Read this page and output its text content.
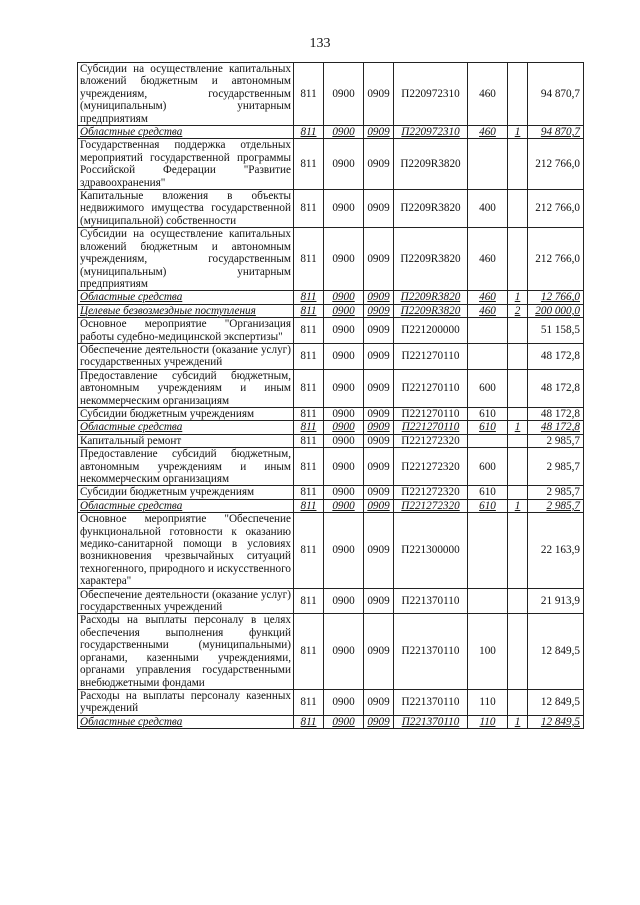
133
Субсидии на осуществление капитальных вложений бюджетным и автономным учреждениям, государственным (муниципальным) унитарным предприятиям	811	0900	0909	П220972310	460		94 870,7
Областные средства	811	0900	0909	П220972310	460	1	94 870,7
Государственная поддержка отдельных мероприятий государственной программы Российской Федерации "Развитие здравоохранения"	811	0900	0909	П2209R3820			212 766,0
Капитальные вложения в объекты недвижимого имущества государственной (муниципальной) собственности	811	0900	0909	П2209R3820	400		212 766,0
Субсидии на осуществление капитальных вложений бюджетным и автономным учреждениям, государственным (муниципальным) унитарным предприятиям	811	0900	0909	П2209R3820	460		212 766,0
Областные средства	811	0900	0909	П2209R3820	460	1	12 766,0
Целевые безвозмездные поступления	811	0900	0909	П2209R3820	460	2	200 000,0
Основное мероприятие "Организация работы судебно-медицинской экспертизы"	811	0900	0909	П221200000			51 158,5
Обеспечение деятельности (оказание услуг) государственных учреждений	811	0900	0909	П221270110			48 172,8
Предоставление субсидий бюджетным, автономным учреждениям и иным некоммерческим организациям	811	0900	0909	П221270110	600		48 172,8
Субсидии бюджетным учреждениям	811	0900	0909	П221270110	610		48 172,8
Областные средства	811	0900	0909	П221270110	610	1	48 172,8
Капитальный ремонт	811	0900	0909	П221272320			2 985,7
Предоставление субсидий бюджетным, автономным учреждениям и иным некоммерческим организациям	811	0900	0909	П221272320	600		2 985,7
Субсидии бюджетным учреждениям	811	0900	0909	П221272320	610		2 985,7
Областные средства	811	0900	0909	П221272320	610	1	2 985,7
Основное мероприятие "Обеспечение функциональной готовности к оказанию медико-санитарной помощи в условиях возникновения чрезвычайных ситуаций техногенного, природного и искусственного характера"	811	0900	0909	П221300000			22 163,9
Обеспечение деятельности (оказание услуг) государственных учреждений	811	0900	0909	П221370110			21 913,9
Расходы на выплаты персоналу в целях обеспечения выполнения функций государственными (муниципальными) органами, казенными учреждениями, органами управления государственными внебюджетными фондами	811	0900	0909	П221370110	100		12 849,5
Расходы на выплаты персоналу казенных учреждений	811	0900	0909	П221370110	110		12 849,5
Областные средства	811	0900	0909	П221370110	110	1	12 849,5
